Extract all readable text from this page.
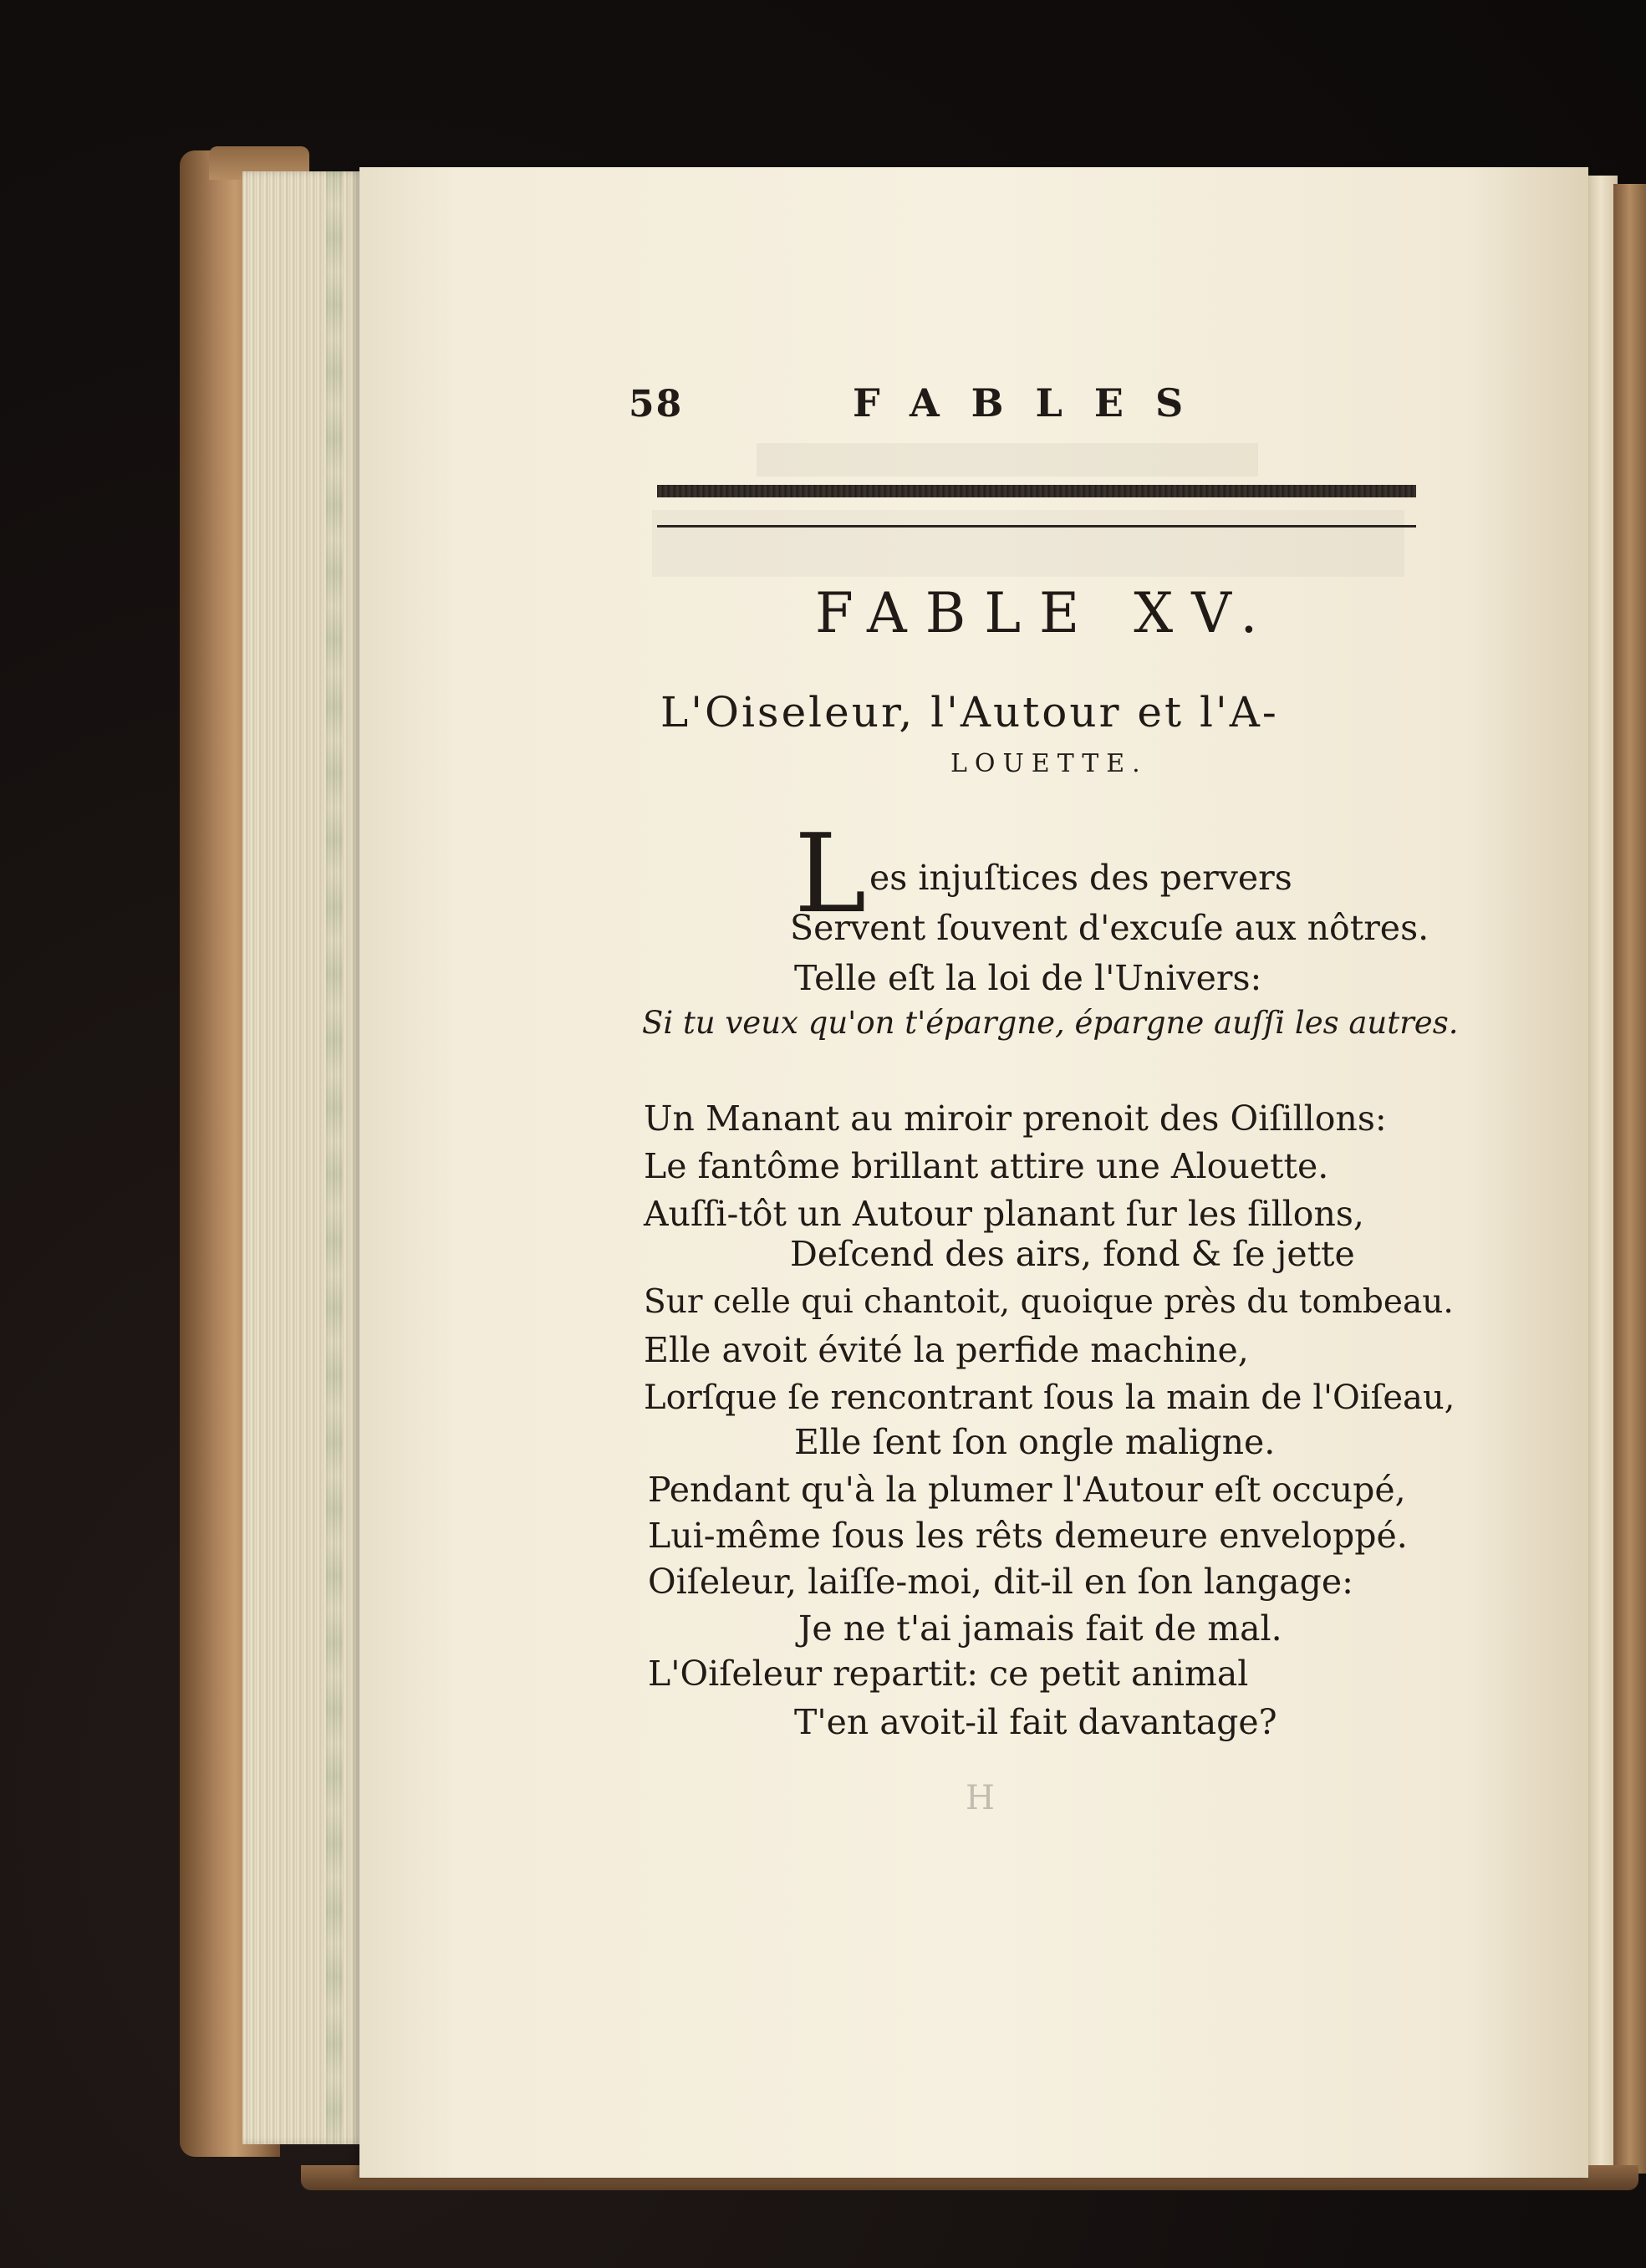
58	FABLES
FABLE XV.
L'Oiseleur, l'Autour et l'A-
LOUETTE.
L es injuſtices des pervers
Servent ſouvent d'excuſe aux nôtres.
Telle eſt la loi de l'Univers:
Si tu veux qu'on t'épargne, épargne auſſi les autres.
Un Manant au miroir prenoit des Oiſillons:
Le fantôme brillant attire une Alouette.
Auſſi-tôt un Autour planant ſur les ſillons,
Deſcend des airs, fond & ſe jette
Sur celle qui chantoit, quoique près du tombeau.
Elle avoit évité la perfide machine,
Lorſque ſe rencontrant ſous la main de l'Oiſeau,
Elle ſent ſon ongle maligne.
Pendant qu'à la plumer l'Autour eſt occupé,
Lui-même ſous les rêts demeure enveloppé.
Oiſeleur, laiſſe-moi, dit-il en ſon langage:
Je ne t'ai jamais fait de mal.
L'Oiſeleur repartit: ce petit animal
T'en avoit-il fait davantage?
H
